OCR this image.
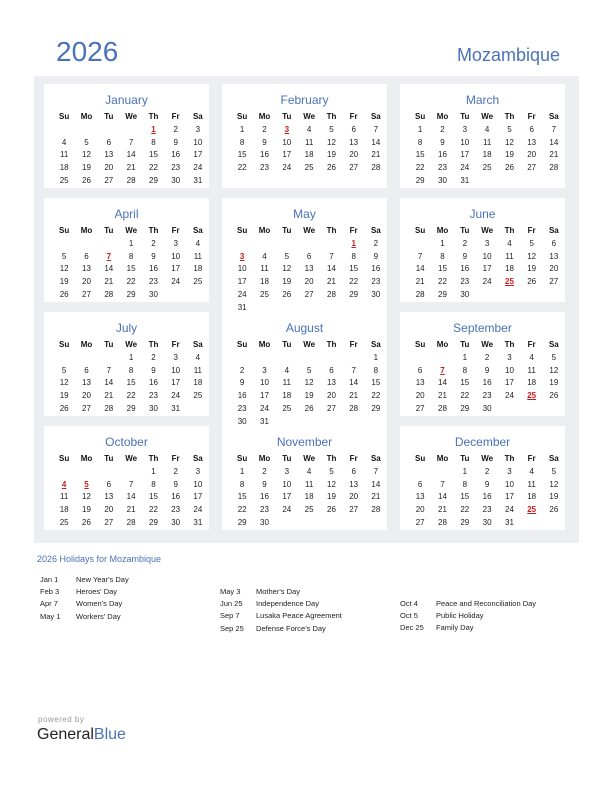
2026	Mozambique
January
Su	Mo	Tu	We	Th	Fr	Sa
				1	2	3
4	5	6	7	8	9	10
11	12	13	14	15	16	17
18	19	20	21	22	23	24
25	26	27	28	29	30	31
February
Su	Mo	Tu	We	Th	Fr	Sa
1	2	3	4	5	6	7
8	9	10	11	12	13	14
15	16	17	18	19	20	21
22	23	24	25	26	27	28
March
Su	Mo	Tu	We	Th	Fr	Sa
1	2	3	4	5	6	7
8	9	10	11	12	13	14
15	16	17	18	19	20	21
22	23	24	25	26	27	28
29	30	31				
April
Su	Mo	Tu	We	Th	Fr	Sa
			1	2	3	4
5	6	7	8	9	10	11
12	13	14	15	16	17	18
19	20	21	22	23	24	25
26	27	28	29	30		
May
Su	Mo	Tu	We	Th	Fr	Sa
					1	2
3	4	5	6	7	8	9
10	11	12	13	14	15	16
17	18	19	20	21	22	23
24	25	26	27	28	29	30
31						
June
Su	Mo	Tu	We	Th	Fr	Sa
	1	2	3	4	5	6
7	8	9	10	11	12	13
14	15	16	17	18	19	20
21	22	23	24	25	26	27
28	29	30				
July
Su	Mo	Tu	We	Th	Fr	Sa
			1	2	3	4
5	6	7	8	9	10	11
12	13	14	15	16	17	18
19	20	21	22	23	24	25
26	27	28	29	30	31	
August
Su	Mo	Tu	We	Th	Fr	Sa
						1
2	3	4	5	6	7	8
9	10	11	12	13	14	15
16	17	18	19	20	21	22
23	24	25	26	27	28	29
30	31					
September
Su	Mo	Tu	We	Th	Fr	Sa
		1	2	3	4	5
6	7	8	9	10	11	12
13	14	15	16	17	18	19
20	21	22	23	24	25	26
27	28	29	30			
October
Su	Mo	Tu	We	Th	Fr	Sa
				1	2	3
4	5	6	7	8	9	10
11	12	13	14	15	16	17
18	19	20	21	22	23	24
25	26	27	28	29	30	31
November
Su	Mo	Tu	We	Th	Fr	Sa
1	2	3	4	5	6	7
8	9	10	11	12	13	14
15	16	17	18	19	20	21
22	23	24	25	26	27	28
29	30					
December
Su	Mo	Tu	We	Th	Fr	Sa
		1	2	3	4	5
6	7	8	9	10	11	12
13	14	15	16	17	18	19
20	21	22	23	24	25	26
27	28	29	30	31		
2026 Holidays for Mozambique
Jan 1	New Year's Day
Feb 3	Heroes' Day
Apr 7	Women's Day
May 1	Workers' Day
May 3	Mother's Day
Jun 25	Independence Day
Sep 7	Lusaka Peace Agreement
Sep 25	Defense Force's Day
Oct 4	Peace and Reconciliation Day
Oct 5	Public Holiday
Dec 25	Family Day
powered by
GeneralBlue
